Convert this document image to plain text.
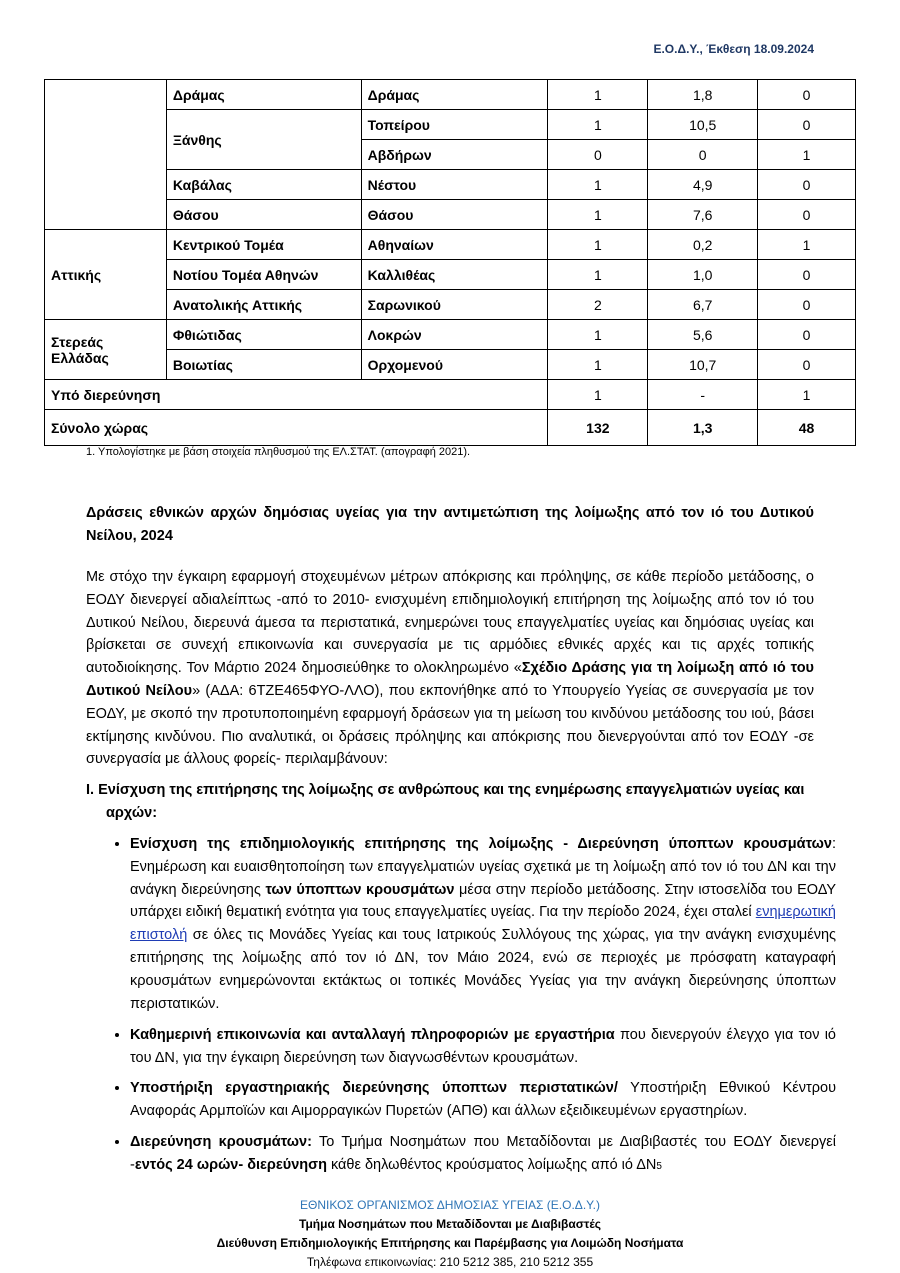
Ε.Ο.Δ.Υ., Έκθεση 18.09.2024
	Δράμας	Δράμας	1	1,8	0
	Ξάνθης	Τοπείρου	1	10,5	0
		Αβδήρων	0	0	1
	Καβάλας	Νέστου	1	4,9	0
	Θάσου	Θάσου	1	7,6	0
Αττικής	Κεντρικού Τομέα	Αθηναίων	1	0,2	1
	Νοτίου Τομέα Αθηνών	Καλλιθέας	1	1,0	0
	Ανατολικής Αττικής	Σαρωνικού	2	6,7	0
Στερεάς Ελλάδας	Φθιώτιδας	Λοκρών	1	5,6	0
	Βοιωτίας	Ορχομενού	1	10,7	0
Υπό διερεύνηση			1	-	1
Σύνολο χώρας			132	1,3	48
1. Υπολογίστηκε με βάση στοιχεία πληθυσμού της ΕΛ.ΣΤΑΤ. (απογραφή 2021).
Δράσεις εθνικών αρχών δημόσιας υγείας για την αντιμετώπιση της λοίμωξης από τον ιό του Δυτικού Νείλου, 2024
Με στόχο την έγκαιρη εφαρμογή στοχευμένων μέτρων απόκρισης και πρόληψης, σε κάθε περίοδο μετάδοσης, ο ΕΟΔΥ διενεργεί αδιαλείπτως -από το 2010- ενισχυμένη επιδημιολογική επιτήρηση της λοίμωξης από τον ιό του Δυτικού Νείλου, διερευνά άμεσα τα περιστατικά, ενημερώνει τους επαγγελματίες υγείας και δημόσιας υγείας και βρίσκεται σε συνεχή επικοινωνία και συνεργασία με τις αρμόδιες εθνικές αρχές και τις αρχές τοπικής αυτοδιοίκησης. Τον Μάρτιο 2024 δημοσιεύθηκε το ολοκληρωμένο «Σχέδιο Δράσης για τη λοίμωξη από ιό του Δυτικού Νείλου» (ΑΔΑ: 6ΤΖΕ465ΦΥΟ-ΛΛΟ), που εκπονήθηκε από το Υπουργείο Υγείας σε συνεργασία με τον ΕΟΔΥ, με σκοπό την προτυποποιημένη εφαρμογή δράσεων για τη μείωση του κινδύνου μετάδοσης του ιού, βάσει εκτίμησης κινδύνου. Πιο αναλυτικά, οι δράσεις πρόληψης και απόκρισης που διενεργούνται από τον ΕΟΔΥ -σε συνεργασία με άλλους φορείς- περιλαμβάνουν:
I. Ενίσχυση της επιτήρησης της λοίμωξης σε ανθρώπους και της ενημέρωσης επαγγελματιών υγείας και
αρχών:
• Ενίσχυση της επιδημιολογικής επιτήρησης της λοίμωξης - Διερεύνηση ύποπτων κρουσμάτων: Ενημέρωση και ευαισθητοποίηση των επαγγελματιών υγείας σχετικά με τη λοίμωξη από τον ιό του ΔΝ και την ανάγκη διερεύνησης των ύποπτων κρουσμάτων μέσα στην περίοδο μετάδοσης. Στην ιστοσελίδα του ΕΟΔΥ υπάρχει ειδική θεματική ενότητα για τους επαγγελματίες υγείας. Για την περίοδο 2024, έχει σταλεί ενημερωτική επιστολή σε όλες τις Μονάδες Υγείας και τους Ιατρικούς Συλλόγους της χώρας, για την ανάγκη ενισχυμένης επιτήρησης της λοίμωξης από τον ιό ΔΝ, τον Μάιο 2024, ενώ σε περιοχές με πρόσφατη καταγραφή κρουσμάτων ενημερώνονται εκτάκτως οι τοπικές Μονάδες Υγείας για την ανάγκη διερεύνησης ύποπτων περιστατικών.
• Καθημερινή επικοινωνία και ανταλλαγή πληροφοριών με εργαστήρια που διενεργούν έλεγχο για τον ιό του ΔΝ, για την έγκαιρη διερεύνηση των διαγνωσθέντων κρουσμάτων.
• Υποστήριξη εργαστηριακής διερεύνησης ύποπτων περιστατικών/ Υποστήριξη Εθνικού Κέντρου Αναφοράς Αρμποϊών και Αιμορραγικών Πυρετών (ΑΠΘ) και άλλων εξειδικευμένων εργαστηρίων.
• Διερεύνηση κρουσμάτων: Το Τμήμα Νοσημάτων που Μεταδίδονται με Διαβιβαστές του ΕΟΔΥ διενεργεί -εντός 24 ωρών- διερεύνηση κάθε δηλωθέντος κρούσματος λοίμωξης από ιό ΔΝ5
ΕΘΝΙΚΟΣ ΟΡΓΑΝΙΣΜΟΣ ΔΗΜΟΣΙΑΣ ΥΓΕΙΑΣ (Ε.Ο.Δ.Υ.)
Τμήμα Νοσημάτων που Μεταδίδονται με Διαβιβαστές
Διεύθυνση Επιδημιολογικής Επιτήρησης και Παρέμβασης για Λοιμώδη Νοσήματα
Τηλέφωνα επικοινωνίας: 210 5212 385, 210 5212 355
